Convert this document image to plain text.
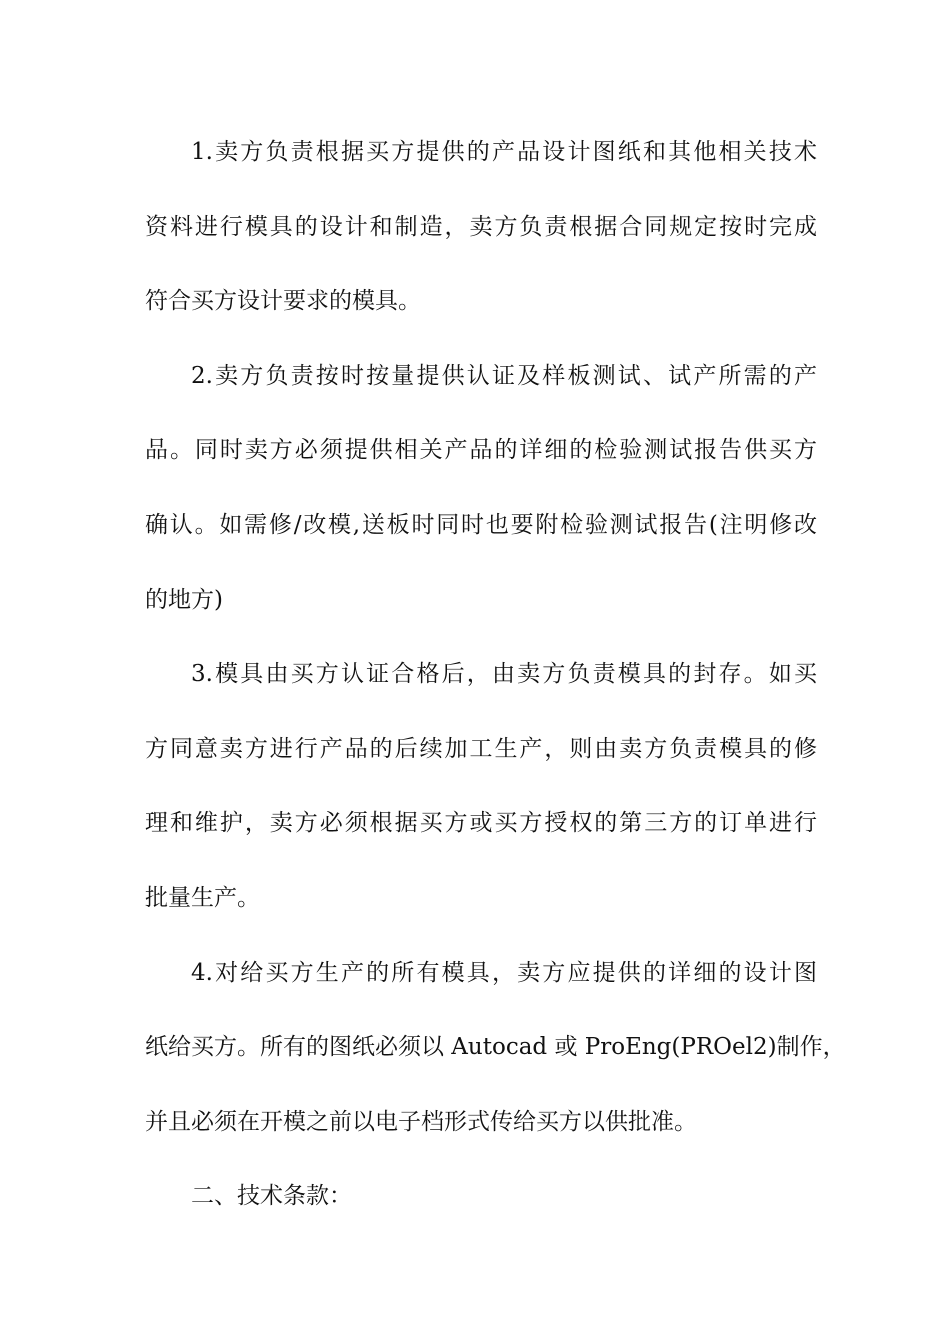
1.卖方负责根据买方提供的产品设计图纸和其他相关技术
资料进行模具的设计和制造，卖方负责根据合同规定按时完成
符合买方设计要求的模具。
2.卖方负责按时按量提供认证及样板测试、试产所需的产
品。同时卖方必须提供相关产品的详细的检验测试报告供买方
确认。如需修/改模,送板时同时也要附检验测试报告(注明修改
的地方)
3.模具由买方认证合格后，由卖方负责模具的封存。如买
方同意卖方进行产品的后续加工生产，则由卖方负责模具的修
理和维护，卖方必须根据买方或买方授权的第三方的订单进行
批量生产。
4.对给买方生产的所有模具，卖方应提供的详细的设计图
纸给买方。所有的图纸必须以 Autocad 或 ProEng(PROel2)制作，
并且必须在开模之前以电子档形式传给买方以供批准。
二、技术条款：
